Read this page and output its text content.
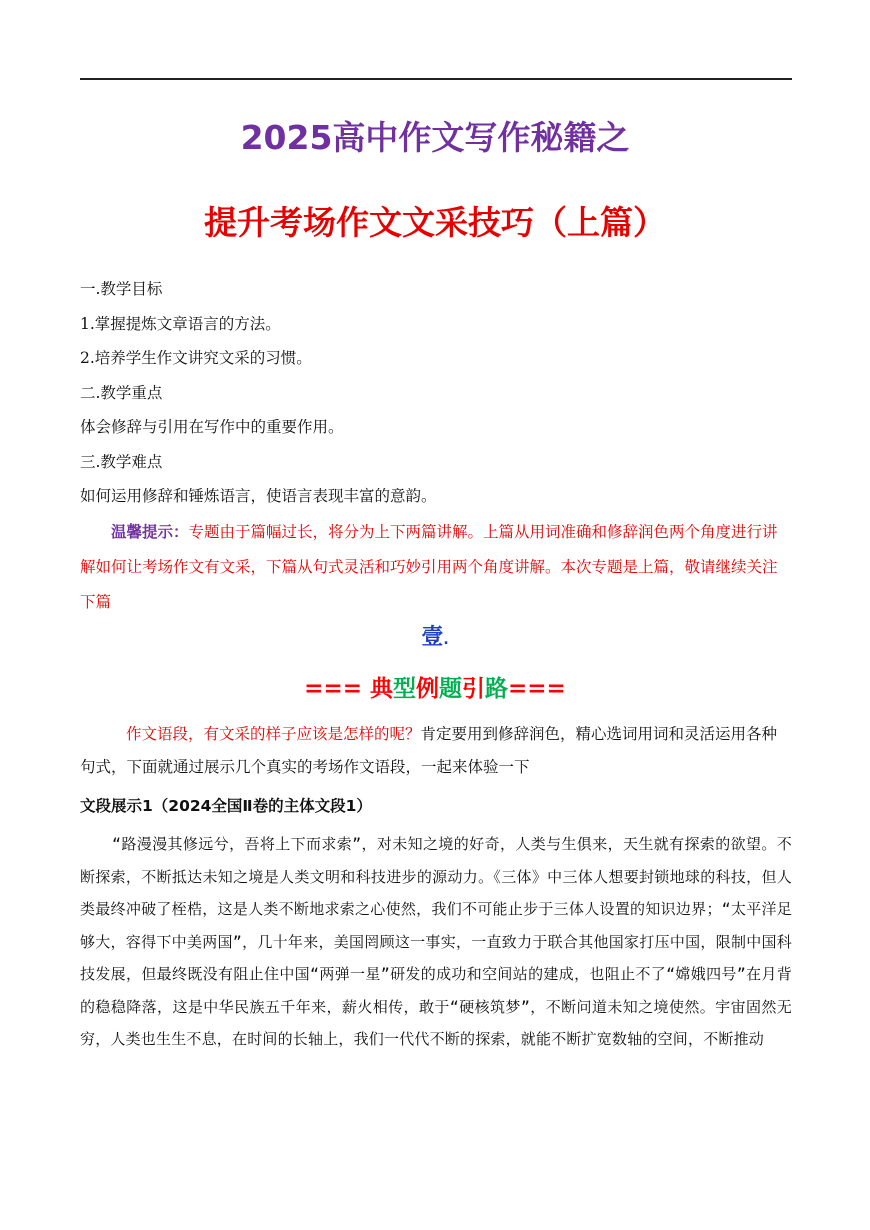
2025高中作文写作秘籍之
提升考场作文文采技巧（上篇）
一.教学目标
1.掌握提炼文章语言的方法。
2.培养学生作文讲究文采的习惯。
二.教学重点
体会修辞与引用在写作中的重要作用。
三.教学难点
如何运用修辞和锤炼语言，使语言表现丰富的意韵。
温馨提示：专题由于篇幅过长，将分为上下两篇讲解。上篇从用词准确和修辞润色两个角度进行讲解如何让考场作文有文采，下篇从句式灵活和巧妙引用两个角度讲解。本次专题是上篇，敬请继续关注下篇
壹.
=== 典型例题引路===
作文语段，有文采的样子应该是怎样的呢？肯定要用到修辞润色，精心选词用词和灵活运用各种句式，下面就通过展示几个真实的考场作文语段，一起来体验一下
文段展示1（2024全国Ⅱ卷的主体文段1）
“路漫漫其修远兮，吾将上下而求索”，对未知之境的好奇，人类与生俱来，天生就有探索的欲望。不断探索，不断抵达未知之境是人类文明和科技进步的源动力。《三体》中三体人想要封锁地球的科技，但人类最终冲破了桎梏，这是人类不断地求索之心使然，我们不可能止步于三体人设置的知识边界；“太平洋足够大，容得下中美两国”，几十年来，美国罔顾这一事实，一直致力于联合其他国家打压中国，限制中国科技发展，但最终既没有阻止住中国“两弹一星”研发的成功和空间站的建成，也阻止不了“嫦娥四号”在月背的稳稳降落，这是中华民族五千年来，薪火相传，敢于“硬核筑梦”，不断问道未知之境使然。宇宙固然无穷，人类也生生不息，在时间的长轴上，我们一代代不断的探索，就能不断扩宽数轴的空间，不断推动
